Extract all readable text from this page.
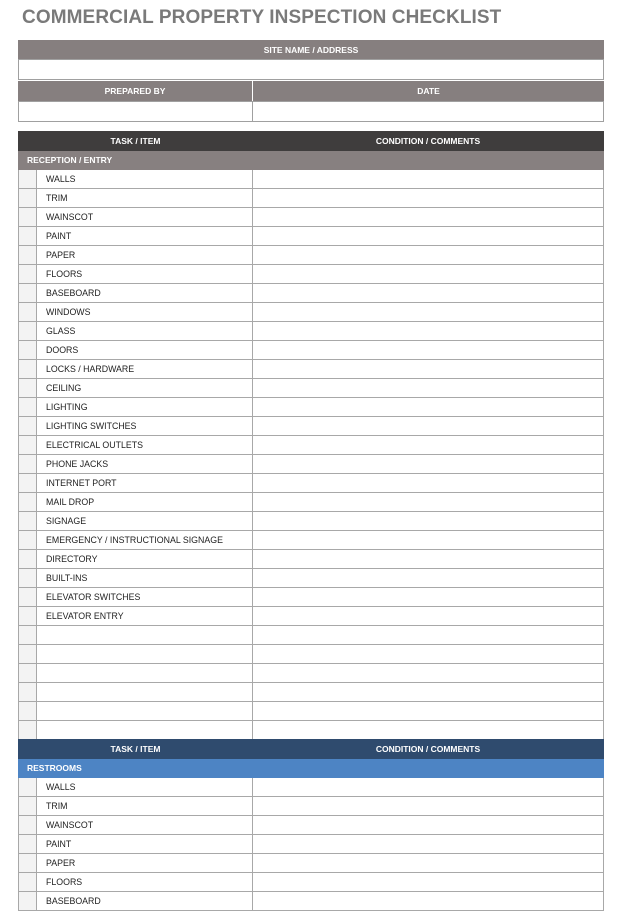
COMMERCIAL PROPERTY INSPECTION CHECKLIST
SITE NAME / ADDRESS
PREPARED BY	DATE
TASK / ITEM		CONDITION / COMMENTS
RECEPTION / ENTRY		
	WALLS	
	TRIM	
	WAINSCOT	
	PAINT	
	PAPER	
	FLOORS	
	BASEBOARD	
	WINDOWS	
	GLASS	
	DOORS	
	LOCKS / HARDWARE	
	CEILING	
	LIGHTING	
	LIGHTING SWITCHES	
	ELECTRICAL OUTLETS	
	PHONE JACKS	
	INTERNET PORT	
	MAIL DROP	
	SIGNAGE	
	EMERGENCY / INSTRUCTIONAL SIGNAGE	
	DIRECTORY	
	BUILT-INS	
	ELEVATOR SWITCHES	
	ELEVATOR ENTRY	

TASK / ITEM		CONDITION / COMMENTS
RESTROOMS		
	WALLS	
	TRIM	
	WAINSCOT	
	PAINT	
	PAPER	
	FLOORS	
	BASEBOARD	
